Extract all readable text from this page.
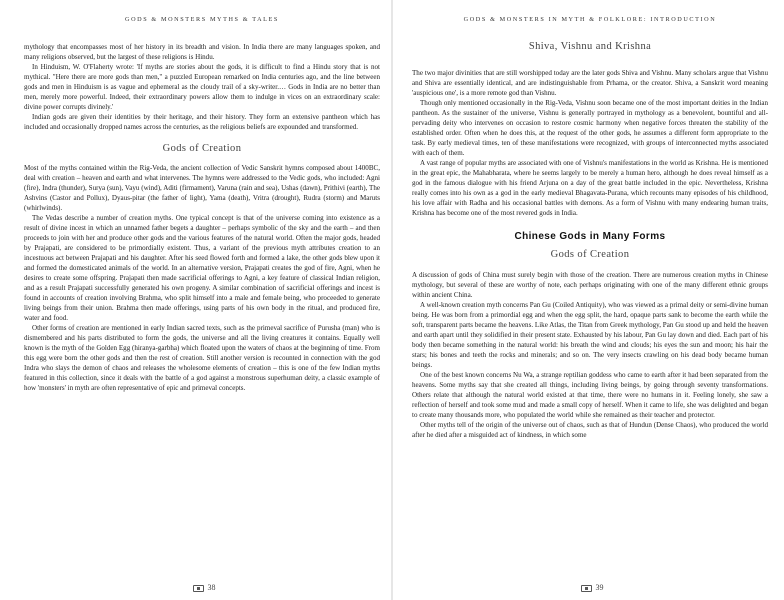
GODS & MONSTERS MYTHS & TALES

mythology that encompasses most of her history in its breadth and vision. In India there are many languages spoken, and many religions observed, but the largest of these religions is Hindu.

In Hinduism, W. O'Flaherty wrote: 'If myths are stories about the gods, it is difficult to find a Hindu story that is not mythical. "Here there are more gods than men," a puzzled European remarked on India centuries ago, and the line between gods and men in Hinduism is as vague and ephemeral as the cloudy trail of a sky-writer.… Gods in India are no better than men, merely more powerful. Indeed, their extraordinary powers allow them to indulge in vices on an extraordinary scale: divine power corrupts divinely.'

Indian gods are given their identities by their heritage, and their history. They form an extensive pantheon which has included and occasionally dropped names across the centuries, as the religious beliefs are expounded and transformed.

Gods of Creation

Most of the myths contained within the Rig-Veda, the ancient collection of Vedic Sanskrit hymns composed about 1400BC, deal with creation – heaven and earth and what intervenes. The hymns were addressed to the Vedic gods, who included: Agni (fire), Indra (thunder), Surya (sun), Vayu (wind), Aditi (firmament), Varuna (rain and sea), Ushas (dawn), Prithivi (earth), The Ashvins (Castor and Pollux), Dyaus-pitar (the father of light), Yama (death), Vritra (drought), Rudra (storm) and Maruts (whirlwinds).

The Vedas describe a number of creation myths. One typical concept is that of the universe coming into existence as a result of divine incest in which an unnamed father begets a daughter – perhaps symbolic of the sky and the earth – and then proceeds to join with her and produce other gods and the various features of the natural world. Often the major gods, headed by Prajapati, are considered to be primordially existent. Thus, a variant of the previous myth attributes creation to an incestuous act between Prajapati and his daughter. After his seed flowed forth and formed a lake, the other gods blew upon it and formed the domesticated animals of the world. In an alternative version, Prajapati creates the god of fire, Agni, when he desires to create some offspring. Prajapati then made sacrificial offerings to Agni, a key feature of classical Indian religion, and as a result Prajapati successfully generated his own progeny. A similar combination of sacrificial offerings and incest is found in accounts of creation involving Brahma, who split himself into a male and female being, who proceeded to generate living beings from their union. Brahma then made offerings, using parts of his own body in the ritual, and produced fire, water and food.

Other forms of creation are mentioned in early Indian sacred texts, such as the primeval sacrifice of Purusha (man) who is dismembered and his parts distributed to form the gods, the universe and all the living creatures it contains. Equally well known is the myth of the Golden Egg (hiranya-garbha) which floated upon the waters of chaos at the beginning of time. From this egg were born the other gods and then the rest of creation. Still another version is recounted in connection with the god Indra who slays the demon of chaos and releases the wholesome elements of creation – this is one of the few Indian myths featured in this collection, since it deals with the battle of a god against a monstrous superhuman deity, a classic example of how 'monsters' in myth are often representative of epic and primeval concepts.

38
GODS & MONSTERS IN MYTH & FOLKLORE: INTRODUCTION
Shiva, Vishnu and Krishna

The two major divinities that are still worshipped today are the later gods Shiva and Vishnu. Many scholars argue that Vishnu and Shiva are essentially identical, and are indistinguishable from Prhama, or the creator. Shiva, a Sanskrit word meaning 'auspicious one', is a more remote god than Vishnu.

Though only mentioned occasionally in the Rig-Veda, Vishnu soon became one of the most important deities in the Indian pantheon. As the sustainer of the universe, Vishnu is generally portrayed in mythology as a benevolent, bountiful and all-pervading deity who intervenes on occasion to restore cosmic harmony when negative forces threaten the stability of the established order. Often when he does this, at the request of the other gods, he assumes a different form appropriate to the task. By early medieval times, ten of these manifestations were recognized, with groups of interconnected myths associated with each of them.

A vast range of popular myths are associated with one of Vishnu's manifestations in the world as Krishna. He is mentioned in the great epic, the Mahabharata, where he seems largely to be merely a human hero, although he does reveal himself as a god in the famous dialogue with his friend Arjuna on a day of the great battle included in the epic. Nevertheless, Krishna really comes into his own as a god in the early medieval Bhagavata-Purana, which recounts many episodes of his childhood, his love affair with Radha and his occasional battles with demons. As a form of Vishnu with many endearing human traits, Krishna has become one of the most revered gods in India.

Chinese Gods in Many Forms
Gods of Creation

A discussion of gods of China must surely begin with those of the creation. There are numerous creation myths in Chinese mythology, but several of these are worthy of note, each perhaps originating with one of the many different ethnic groups within ancient China.

A well-known creation myth concerns Pan Gu (Coiled Antiquity), who was viewed as a primal deity or semi-divine human being. He was born from a primordial egg and when the egg split, the hard, opaque parts sank to become the earth while the soft, transparent parts became the heavens. Like Atlas, the Titan from Greek mythology, Pan Gu stood up and held the heaven and earth apart until they solidified in their present state. Exhausted by his labour, Pan Gu lay down and died. Each part of his body then became something in the natural world: his breath the wind and clouds; his eyes the sun and moon; his hair the stars; his bones and teeth the rocks and minerals; and so on. The very insects crawling on his dead body became human beings.

One of the best known concerns Nu Wa, a strange reptilian goddess who came to earth after it had been separated from the heavens. Some myths say that she created all things, including living beings, by going through seventy transformations. Others relate that although the natural world existed at that time, there were no humans in it. Feeling lonely, she saw a reflection of herself and took some mud and made a small copy of herself. When it came to life, she was delighted and began to create many thousands more, who populated the world while she remained as their teacher and protector.

Other myths tell of the origin of the universe out of chaos, such as that of Hundun (Dense Chaos), who produced the world after he died after a misguided act of kindness, in which some

39
